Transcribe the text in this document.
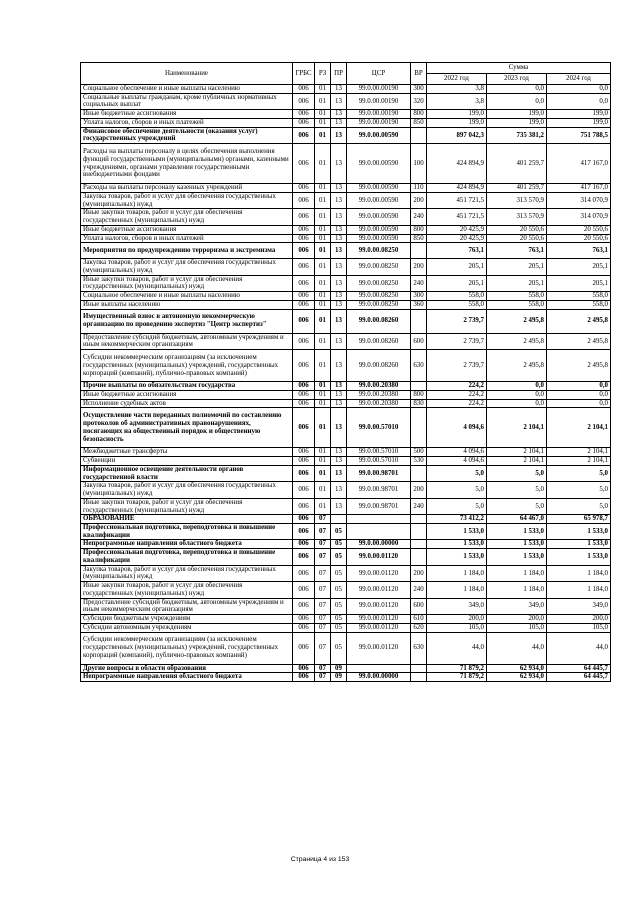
Наименование	ГРБС	РЗ	ПР	ЦСР	ВР	Сумма		
						2022 год	2023 год	2024 год
Социальное обеспечение и иные выплаты населению	006	01	13	99.0.00.00190	300	3,8	0,0	0,0
Социальные выплаты гражданам, кроме публичных нормативных социальных выплат	006	01	13	99.0.00.00190	320	3,8	0,0	0,0
Иные бюджетные ассигнования	006	01	13	99.0.00.00190	800	199,0	199,0	199,0
Уплата налогов, сборов и иных платежей	006	01	13	99.0.00.00190	850	199,0	199,0	199,0
Финансовое обеспечение деятельности (оказания услуг) государственных учреждений	006	01	13	99.0.00.00590		897 042,3	735 381,2	751 788,5
Расходы на выплаты персоналу в целях обеспечения выполнения функций государственными (муниципальными) органами, казенными учреждениями, органами управления государственными внебюджетными фондами	006	01	13	99.0.00.00590	100	424 894,9	401 259,7	417 167,0
Расходы на выплаты персоналу казенных учреждений	006	01	13	99.0.00.00590	110	424 894,9	401 259,7	417 167,0
Закупка товаров, работ и услуг для обеспечения государственных (муниципальных) нужд	006	01	13	99.0.00.00590	200	451 721,5	313 570,9	314 070,9
Иные закупки товаров, работ и услуг для обеспечения государственных (муниципальных) нужд	006	01	13	99.0.00.00590	240	451 721,5	313 570,9	314 070,9
Иные бюджетные ассигнования	006	01	13	99.0.00.00590	800	20 425,9	20 550,6	20 550,6
Уплата налогов, сборов и иных платежей	006	01	13	99.0.00.00590	850	20 425,9	20 550,6	20 550,6
Мероприятия по предупреждению терроризма и экстремизма	006	01	13	99.0.00.08250		763,1	763,1	763,1
Закупка товаров, работ и услуг для обеспечения государственных (муниципальных) нужд	006	01	13	99.0.00.08250	200	205,1	205,1	205,1
Иные закупки товаров, работ и услуг для обеспечения государственных (муниципальных) нужд	006	01	13	99.0.00.08250	240	205,1	205,1	205,1
Социальное обеспечение и иные выплаты населению	006	01	13	99.0.00.08250	300	558,0	558,0	558,0
Иные выплаты населению	006	01	13	99.0.00.08250	360	558,0	558,0	558,0
Имущественный взнос в автономную некоммерческую организацию по проведению экспертиз "Центр экспертиз"	006	01	13	99.0.00.08260		2 739,7	2 495,8	2 495,8
Предоставление субсидий бюджетным, автономным учреждениям и иным некоммерческим организациям	006	01	13	99.0.00.08260	600	2 739,7	2 495,8	2 495,8
Субсидии некоммерческим организациям (за исключением государственных (муниципальных) учреждений, государственных корпораций (компаний), публично-правовых компаний)	006	01	13	99.0.00.08260	630	2 739,7	2 495,8	2 495,8
Прочие выплаты по обязательствам государства	006	01	13	99.0.00.20380		224,2	0,0	0,0
Иные бюджетные ассигнования	006	01	13	99.0.00.20380	800	224,2	0,0	0,0
Исполнение судебных актов	006	01	13	99.0.00.20380	830	224,2	0,0	0,0
Осуществление части переданных полномочий по составлению протоколов об административных правонарушениях, посягающих на общественный порядок и общественную безопасность	006	01	13	99.0.00.57010		4 094,6	2 104,1	2 104,1
Межбюджетные трансферты	006	01	13	99.0.00.57010	500	4 094,6	2 104,1	2 104,1
Субвенции	006	01	13	99.0.00.57010	530	4 094,6	2 104,1	2 104,1
Информационное освещение деятельности органов государственной власти	006	01	13	99.0.00.98701		5,0	5,0	5,0
Закупка товаров, работ и услуг для обеспечения государственных (муниципальных) нужд	006	01	13	99.0.00.98701	200	5,0	5,0	5,0
Иные закупки товаров, работ и услуг для обеспечения государственных (муниципальных) нужд	006	01	13	99.0.00.98701	240	5,0	5,0	5,0
ОБРАЗОВАНИЕ	006	07				73 412,2	64 467,0	65 978,7
Профессиональная подготовка, переподготовка и повышение квалификации	006	07	05			1 533,0	1 533,0	1 533,0
Непрограммные направления областного бюджета	006	07	05	99.0.00.00000		1 533,0	1 533,0	1 533,0
Профессиональная подготовка, переподготовка и повышение квалификации	006	07	05	99.0.00.01120		1 533,0	1 533,0	1 533,0
Закупка товаров, работ и услуг для обеспечения государственных (муниципальных) нужд	006	07	05	99.0.00.01120	200	1 184,0	1 184,0	1 184,0
Иные закупки товаров, работ и услуг для обеспечения государственных (муниципальных) нужд	006	07	05	99.0.00.01120	240	1 184,0	1 184,0	1 184,0
Предоставление субсидий бюджетным, автономным учреждениям и иным некоммерческим организациям	006	07	05	99.0.00.01120	600	349,0	349,0	349,0
Субсидии бюджетным учреждениям	006	07	05	99.0.00.01120	610	200,0	200,0	200,0
Субсидии автономным учреждениям	006	07	05	99.0.00.01120	620	105,0	105,0	105,0
Субсидии некоммерческим организациям (за исключением государственных (муниципальных) учреждений, государственных корпораций (компаний), публично-правовых компаний)	006	07	05	99.0.00.01120	630	44,0	44,0	44,0
Другие вопросы в области образования	006	07	09			71 879,2	62 934,0	64 445,7
Непрограммные направления областного бюджета	006	07	09	99.0.00.00000		71 879,2	62 934,0	64 445,7
Страница 4 из 153
